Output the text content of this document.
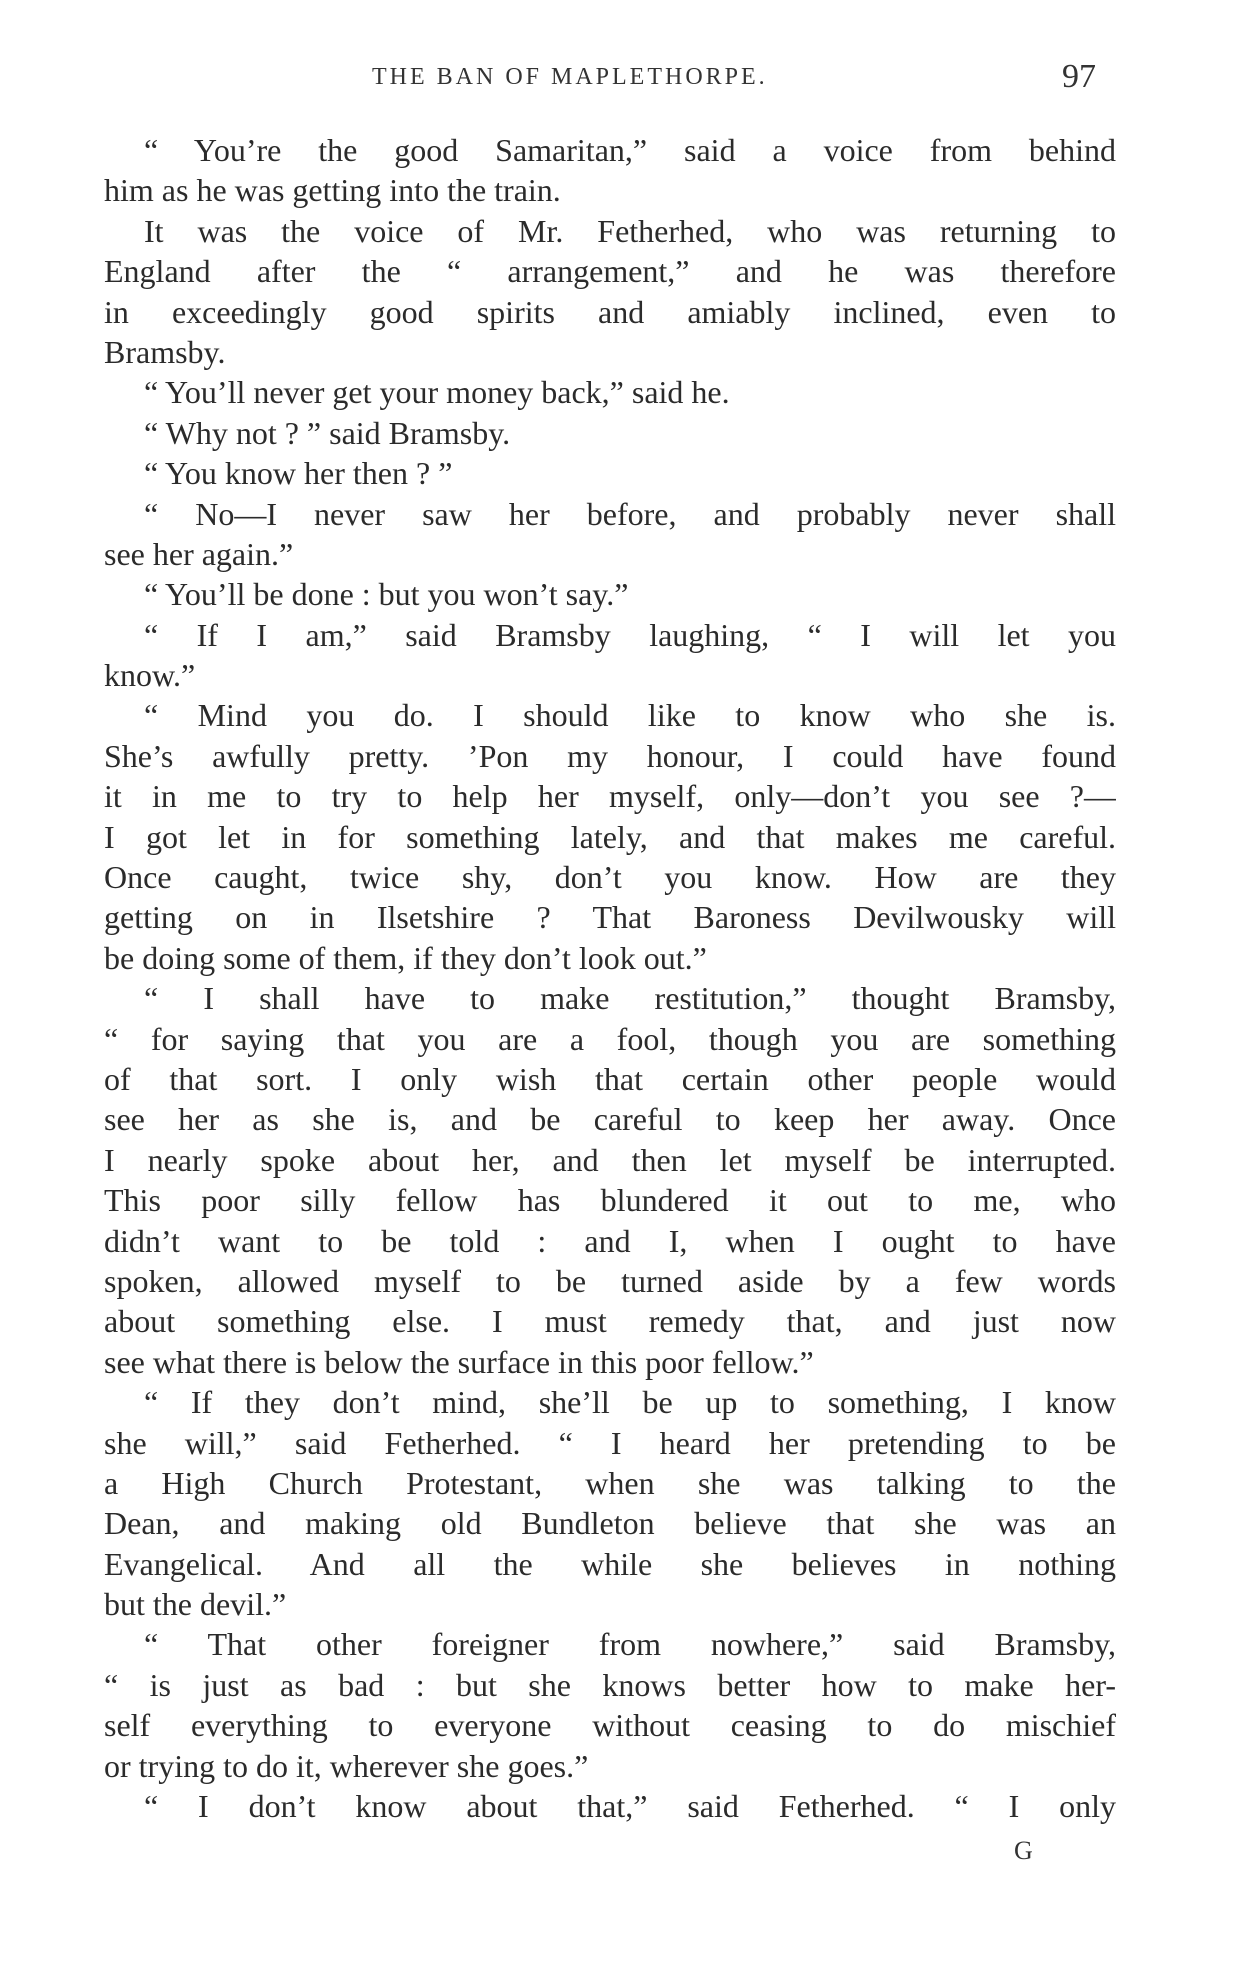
THE BAN OF MAPLETHORPE.	97
“ You’re the good Samaritan,” said a voice from behind
him as he was getting into the train.
It was the voice of Mr. Fetherhed, who was returning to
England after the “ arrangement,” and he was therefore
in exceedingly good spirits and amiably inclined, even to
Bramsby.
“ You’ll never get your money back,” said he.
“ Why not ? ” said Bramsby.
“ You know her then ? ”
“ No—I never saw her before, and probably never shall
see her again.”
“ You’ll be done : but you won’t say.”
“ If I am,” said Bramsby laughing, “ I will let you
know.”
“ Mind you do. I should like to know who she is.
She’s awfully pretty. ’Pon my honour, I could have found
it in me to try to help her myself, only—don’t you see ?—
I got let in for something lately, and that makes me careful.
Once caught, twice shy, don’t you know. How are they
getting on in Ilsetshire ? That Baroness Devilwousky will
be doing some of them, if they don’t look out.”
“ I shall have to make restitution,” thought Bramsby,
“ for saying that you are a fool, though you are something
of that sort. I only wish that certain other people would
see her as she is, and be careful to keep her away. Once
I nearly spoke about her, and then let myself be interrupted.
This poor silly fellow has blundered it out to me, who
didn’t want to be told : and I, when I ought to have
spoken, allowed myself to be turned aside by a few words
about something else. I must remedy that, and just now
see what there is below the surface in this poor fellow.”
“ If they don’t mind, she’ll be up to something, I know
she will,” said Fetherhed. “ I heard her pretending to be
a High Church Protestant, when she was talking to the
Dean, and making old Bundleton believe that she was an
Evangelical. And all the while she believes in nothing
but the devil.”
“ That other foreigner from nowhere,” said Bramsby,
“ is just as bad : but she knows better how to make her-
self everything to everyone without ceasing to do mischief
or trying to do it, wherever she goes.”
“ I don’t know about that,” said Fetherhed. “ I only
G
